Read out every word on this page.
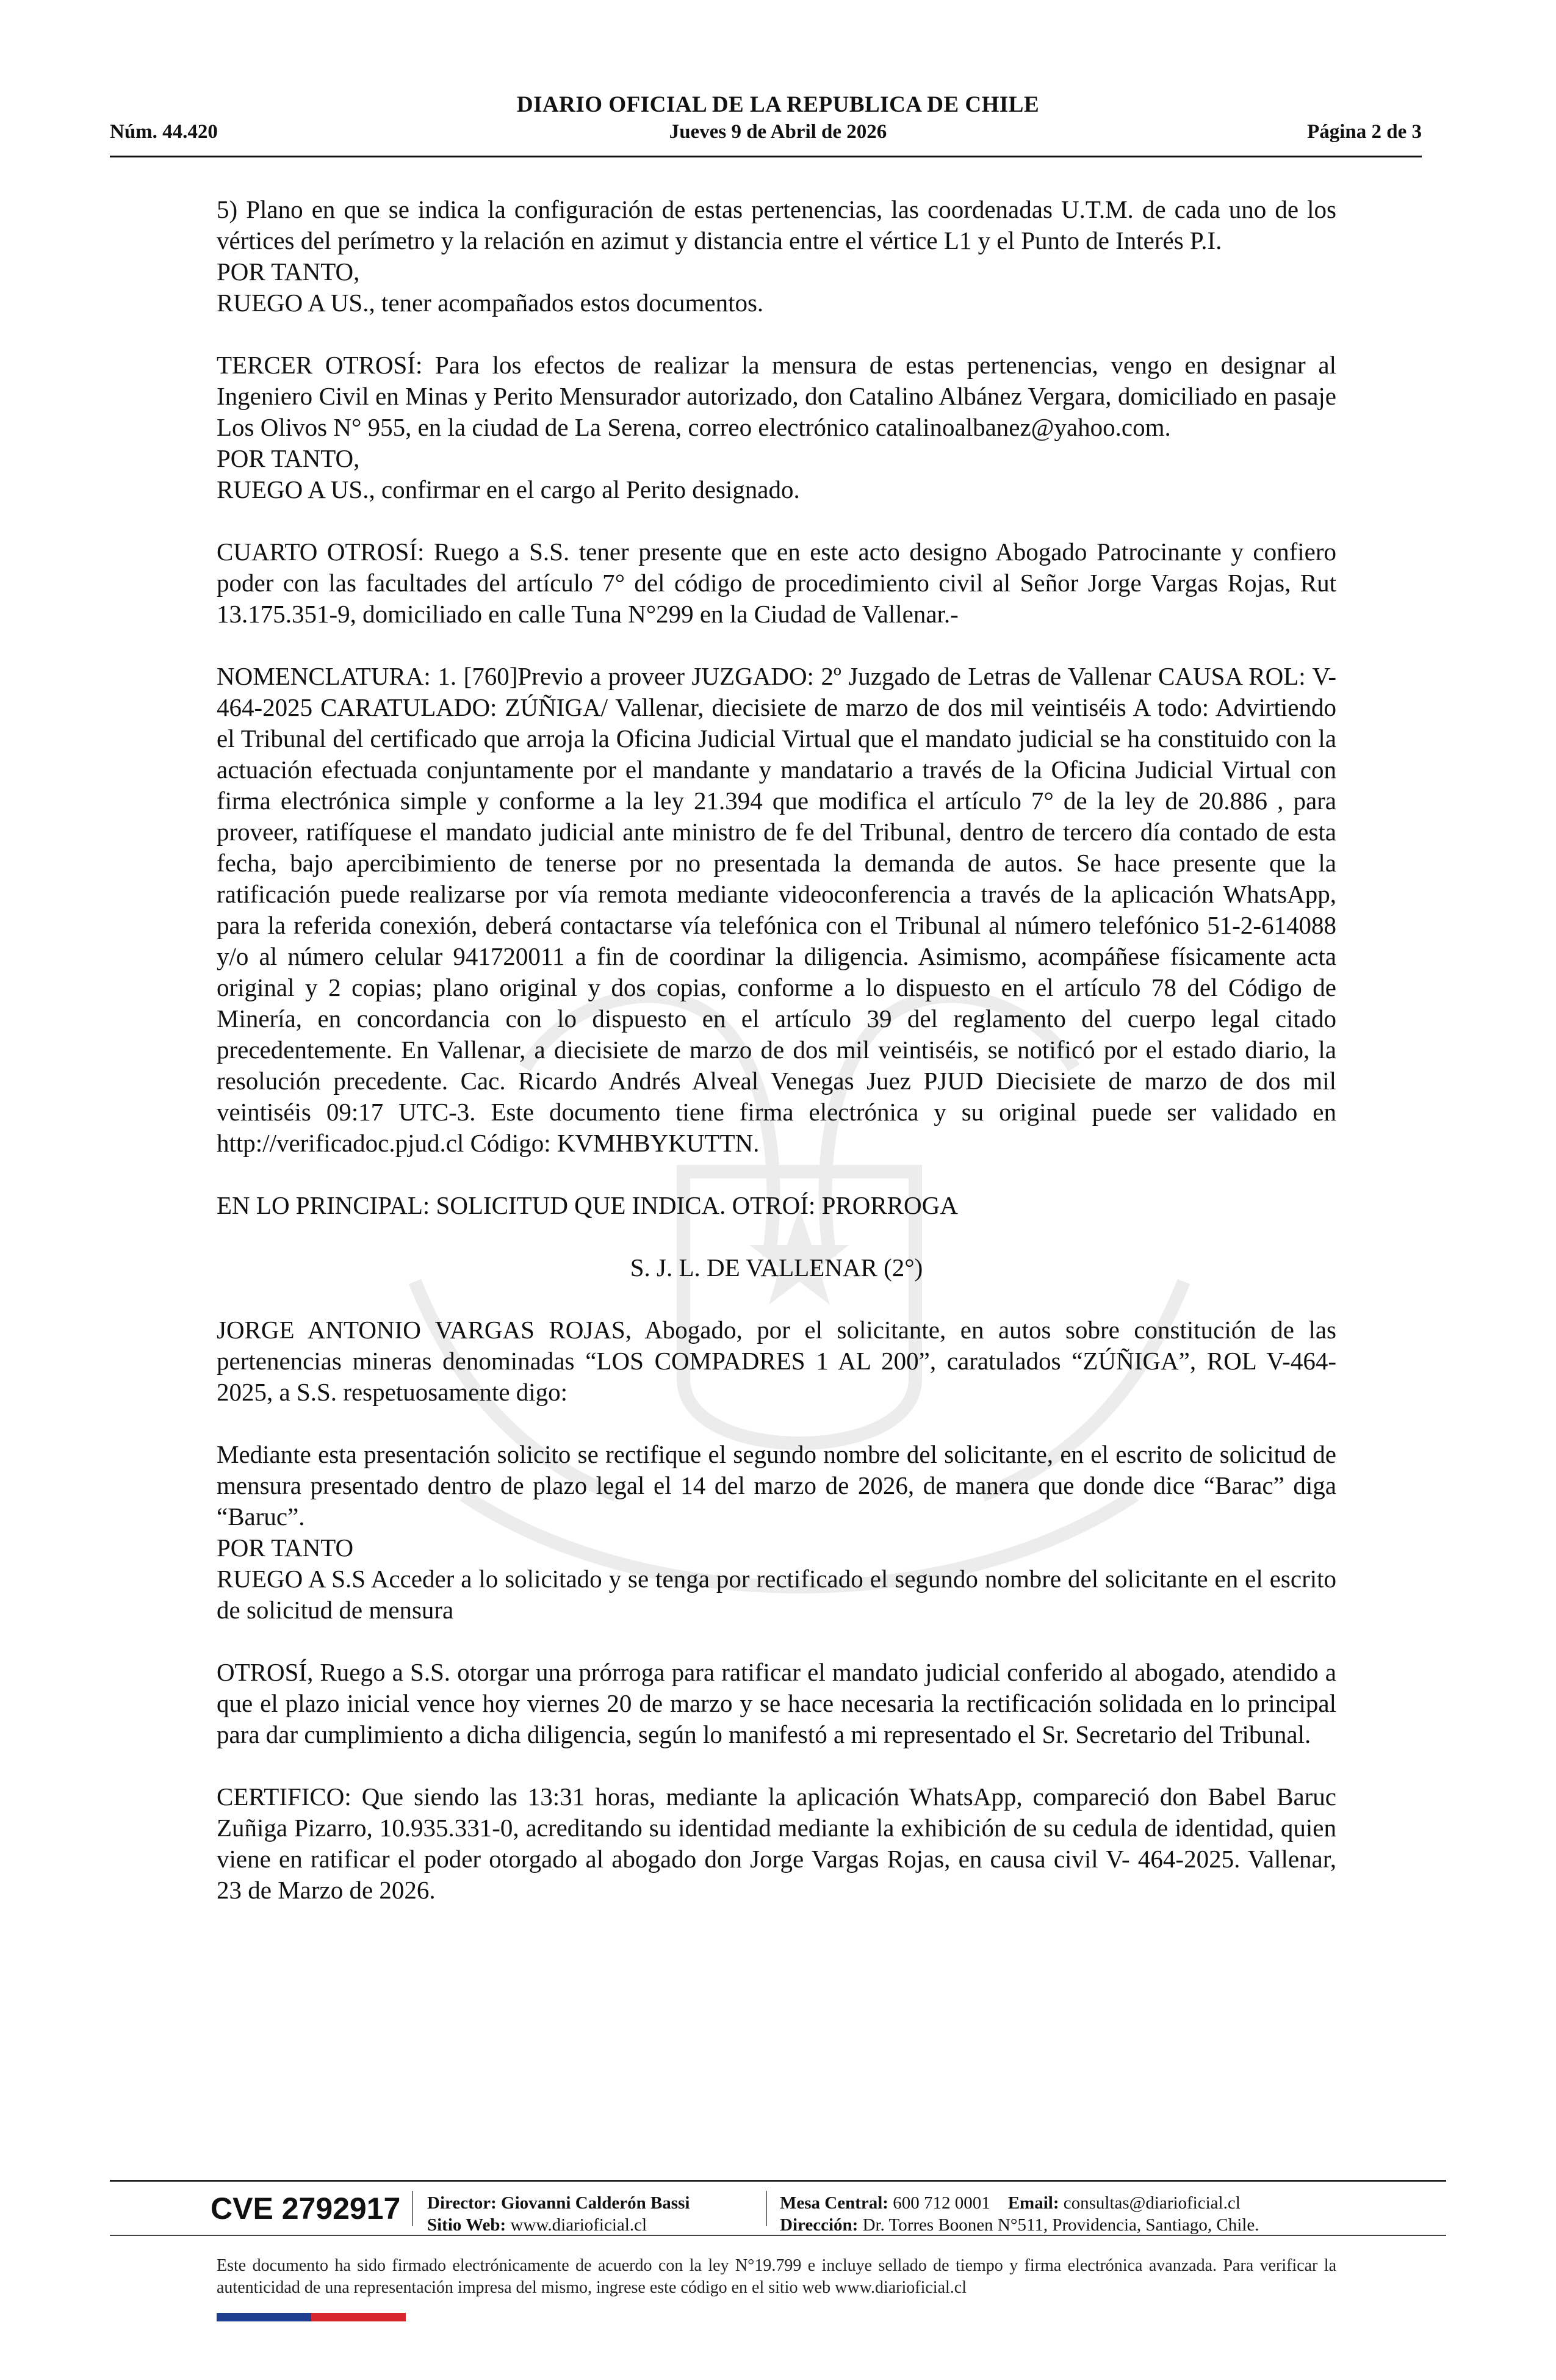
DIARIO OFICIAL DE LA REPUBLICA DE CHILE
Núm. 44.420	Jueves 9 de Abril de 2026	Página 2 de 3

5) Plano en que se indica la configuración de estas pertenencias, las coordenadas U.T.M. de cada uno de los vértices del perímetro y la relación en azimut y distancia entre el vértice L1 y el Punto de Interés P.I.
POR TANTO,
RUEGO A US., tener acompañados estos documentos.

TERCER OTROSÍ: Para los efectos de realizar la mensura de estas pertenencias, vengo en designar al Ingeniero Civil en Minas y Perito Mensurador autorizado, don Catalino Albánez Vergara, domiciliado en pasaje Los Olivos N° 955, en la ciudad de La Serena, correo electrónico catalinoalbanez@yahoo.com.
POR TANTO,
RUEGO A US., confirmar en el cargo al Perito designado.

CUARTO OTROSÍ: Ruego a S.S. tener presente que en este acto designo Abogado Patrocinante y confiero poder con las facultades del artículo 7° del código de procedimiento civil al Señor Jorge Vargas Rojas, Rut 13.175.351-9, domiciliado en calle Tuna N°299 en la Ciudad de Vallenar.-

NOMENCLATURA: 1. [760]Previo a proveer JUZGADO: 2º Juzgado de Letras de Vallenar CAUSA ROL: V-464-2025 CARATULADO: ZÚÑIGA/ Vallenar, diecisiete de marzo de dos mil veintiséis A todo: Advirtiendo el Tribunal del certificado que arroja la Oficina Judicial Virtual que el mandato judicial se ha constituido con la actuación efectuada conjuntamente por el mandante y mandatario a través de la Oficina Judicial Virtual con firma electrónica simple y conforme a la ley 21.394 que modifica el artículo 7° de la ley de 20.886 , para proveer, ratifíquese el mandato judicial ante ministro de fe del Tribunal, dentro de tercero día contado de esta fecha, bajo apercibimiento de tenerse por no presentada la demanda de autos. Se hace presente que la ratificación puede realizarse por vía remota mediante videoconferencia a través de la aplicación WhatsApp, para la referida conexión, deberá contactarse vía telefónica con el Tribunal al número telefónico 51-2-614088 y/o al número celular 941720011 a fin de coordinar la diligencia. Asimismo, acompáñese físicamente acta original y 2 copias; plano original y dos copias, conforme a lo dispuesto en el artículo 78 del Código de Minería, en concordancia con lo dispuesto en el artículo 39 del reglamento del cuerpo legal citado precedentemente. En Vallenar, a diecisiete de marzo de dos mil veintiséis, se notificó por el estado diario, la resolución precedente. Cac. Ricardo Andrés Alveal Venegas Juez PJUD Diecisiete de marzo de dos mil veintiséis 09:17 UTC-3. Este documento tiene firma electrónica y su original puede ser validado en http://verificadoc.pjud.cl Código: KVMHBYKUTTN.

EN LO PRINCIPAL: SOLICITUD QUE INDICA. OTROÍ: PRORROGA

S. J. L. DE VALLENAR (2°)

JORGE ANTONIO VARGAS ROJAS, Abogado, por el solicitante, en autos sobre constitución de las pertenencias mineras denominadas “LOS COMPADRES 1 AL 200”, caratulados “ZÚÑIGA”, ROL V-464-2025, a S.S. respetuosamente digo:

Mediante esta presentación solicito se rectifique el segundo nombre del solicitante, en el escrito de solicitud de mensura presentado dentro de plazo legal el 14 del marzo de 2026, de manera que donde dice “Barac” diga “Baruc”.
POR TANTO
RUEGO A S.S Acceder a lo solicitado y se tenga por rectificado el segundo nombre del solicitante en el escrito de solicitud de mensura

OTROSÍ, Ruego a S.S. otorgar una prórroga para ratificar el mandato judicial conferido al abogado, atendido a que el plazo inicial vence hoy viernes 20 de marzo y se hace necesaria la rectificación solidada en lo principal para dar cumplimiento a dicha diligencia, según lo manifestó a mi representado el Sr. Secretario del Tribunal.

CERTIFICO: Que siendo las 13:31 horas, mediante la aplicación WhatsApp, compareció don Babel Baruc Zuñiga Pizarro, 10.935.331-0, acreditando su identidad mediante la exhibición de su cedula de identidad, quien viene en ratificar el poder otorgado al abogado don Jorge Vargas Rojas, en causa civil V- 464-2025. Vallenar, 23 de Marzo de 2026.

CVE 2792917 Director: Giovanni Calderón Bassi
Sitio Web: www.diarioficial.cl
Mesa Central: 600 712 0001 Email: consultas@diarioficial.cl
Dirección: Dr. Torres Boonen N°511, Providencia, Santiago, Chile.
Este documento ha sido firmado electrónicamente de acuerdo con la ley N°19.799 e incluye sellado de tiempo y firma electrónica avanzada. Para verificar la autenticidad de una representación impresa del mismo, ingrese este código en el sitio web www.diarioficial.cl
